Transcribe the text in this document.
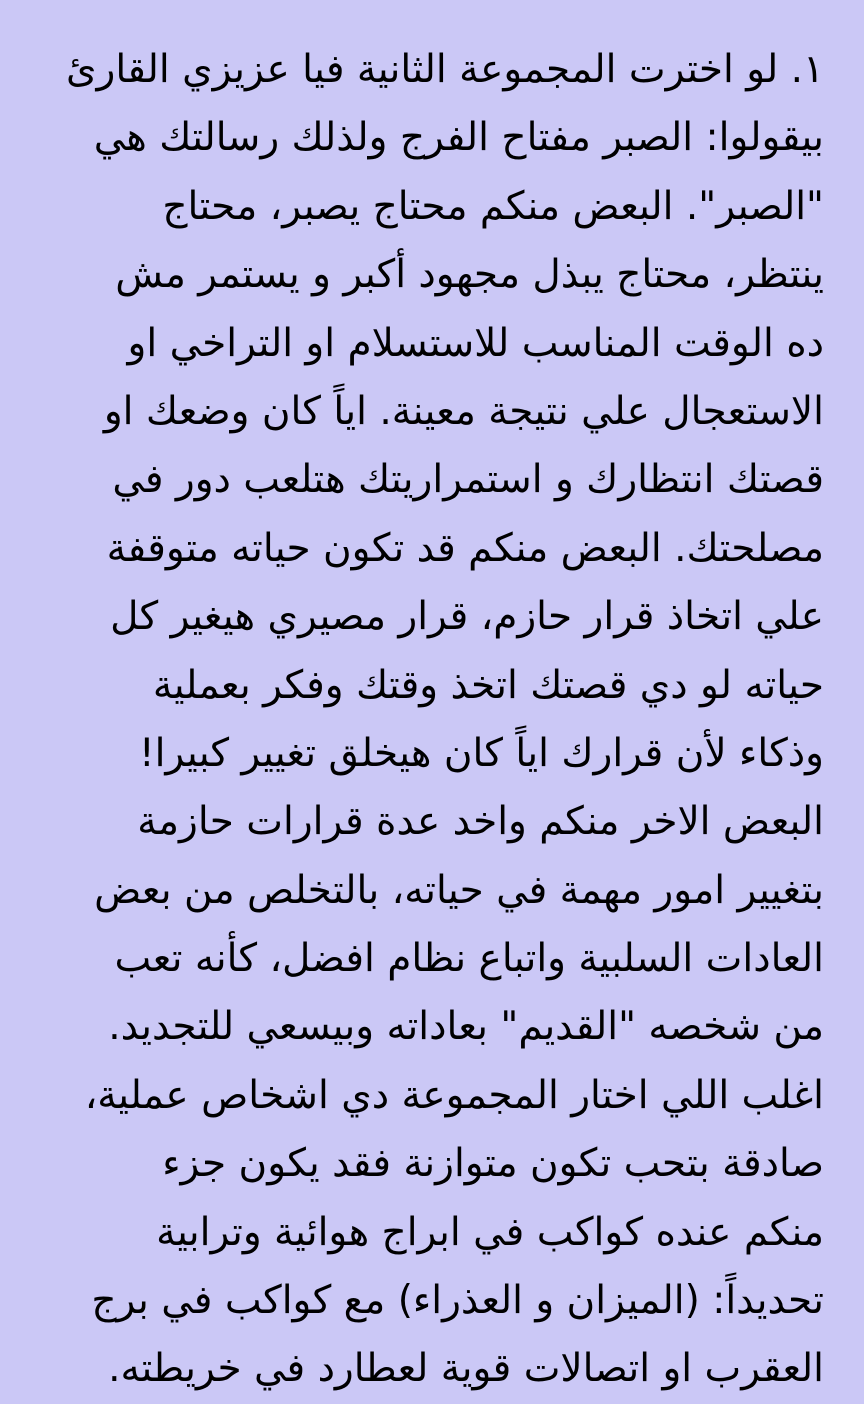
١. لو اخترت المجموعة الثانية فيا عزيزي القارئ
بيقولوا: الصبر مفتاح الفرج ولذلك رسالتك هي
"الصبر". البعض منكم محتاج يصبر، محتاج
ينتظر، محتاج يبذل مجهود أكبر و يستمر مش
ده الوقت المناسب للاستسلام او التراخي او
الاستعجال علي نتيجة معينة. اياً كان وضعك او
قصتك انتظارك و استمراريتك هتلعب دور في
مصلحتك. البعض منكم قد تكون حياته متوقفة
علي اتخاذ قرار حازم، قرار مصيري هيغير كل
حياته لو دي قصتك اتخذ وقتك وفكر بعملية
وذكاء لأن قرارك اياً كان هيخلق تغيير كبيرا!
البعض الاخر منكم واخد عدة قرارات حازمة
بتغيير امور مهمة في حياته، بالتخلص من بعض
العادات السلبية واتباع نظام افضل، كأنه تعب
من شخصه "القديم" بعاداته وبيسعي للتجديد.
اغلب اللي اختار المجموعة دي اشخاص عملية،
صادقة بتحب تكون متوازنة فقد يكون جزء
منكم عنده كواكب في ابراج هوائية وترابية
تحديداً: (الميزان و العذراء) مع كواكب في برج
العقرب او اتصالات قوية لعطارد في خريطته.
